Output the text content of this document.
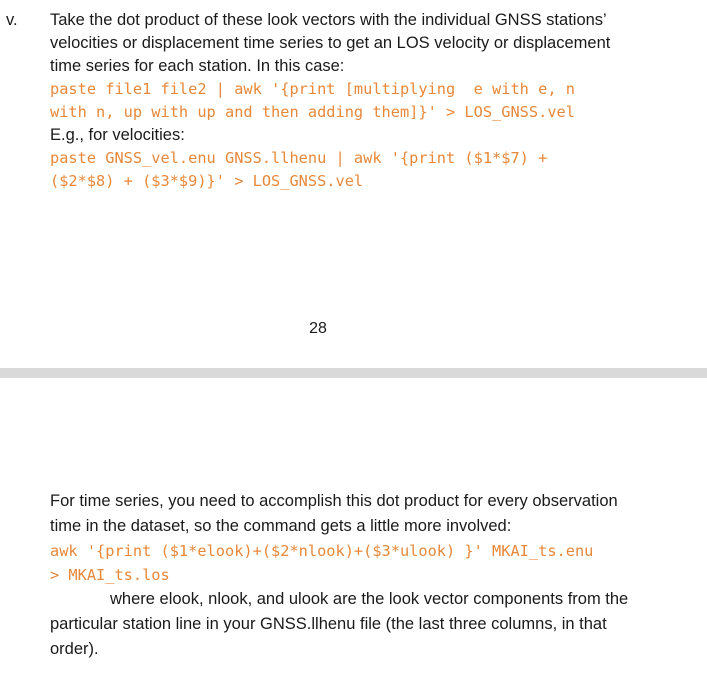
v. Take the dot product of these look vectors with the individual GNSS stations’

velocities or displacement time series to get an LOS velocity or displacement

time series for each station. In this case:

paste file1 file2 | awk '{print [multiplying  e with e, n

with n, up with up and then adding them]}' > LOS_GNSS.vel

E.g., for velocities:

paste GNSS_vel.enu GNSS.llhenu | awk '{print ($1*$7) +

($2*$8) + ($3*$9)}' > LOS_GNSS.vel

28

For time series, you need to accomplish this dot product for every observation

time in the dataset, so the command gets a little more involved:

awk '{print ($1*elook)+($2*nlook)+($3*ulook) }' MKAI_ts.enu

> MKAI_ts.los

where elook, nlook, and ulook are the look vector components from the

particular station line in your GNSS.llhenu file (the last three columns, in that

order).
